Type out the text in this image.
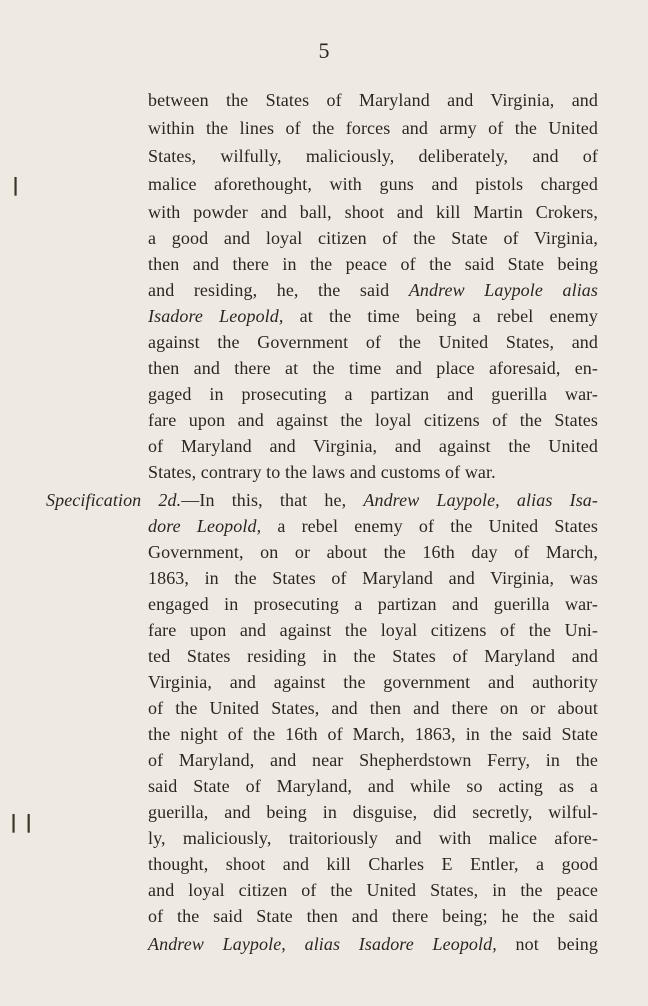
5
❘
❘❘
between the States of Maryland and Virginia, and
within the lines of the forces and army of the United
States, wilfully, maliciously, deliberately, and of
malice aforethought, with guns and pistols charged
with powder and ball, shoot and kill Martin Crokers,
a good and loyal citizen of the State of Virginia,
then and there in the peace of the said State being
and residing, he, the said Andrew Laypole alias
Isadore Leopold, at the time being a rebel enemy
against the Government of the United States, and
then and there at the time and place aforesaid, en-
gaged in prosecuting a partizan and guerilla war-
fare upon and against the loyal citizens of the States
of Maryland and Virginia, and against the United
States, contrary to the laws and customs of war.
Specification 2d.—In this, that he, Andrew Laypole, alias Isa-
dore Leopold, a rebel enemy of the United States
Government, on or about the 16th day of March,
1863, in the States of Maryland and Virginia, was
engaged in prosecuting a partizan and guerilla war-
fare upon and against the loyal citizens of the Uni-
ted States residing in the States of Maryland and
Virginia, and against the government and authority
of the United States, and then and there on or about
the night of the 16th of March, 1863, in the said State
of Maryland, and near Shepherdstown Ferry, in the
said State of Maryland, and while so acting as a
guerilla, and being in disguise, did secretly, wilful-
ly, maliciously, traitoriously and with malice afore-
thought, shoot and kill Charles E Entler, a good
and loyal citizen of the United States, in the peace
of the said State then and there being; he the said
Andrew Laypole, alias Isadore Leopold, not being
